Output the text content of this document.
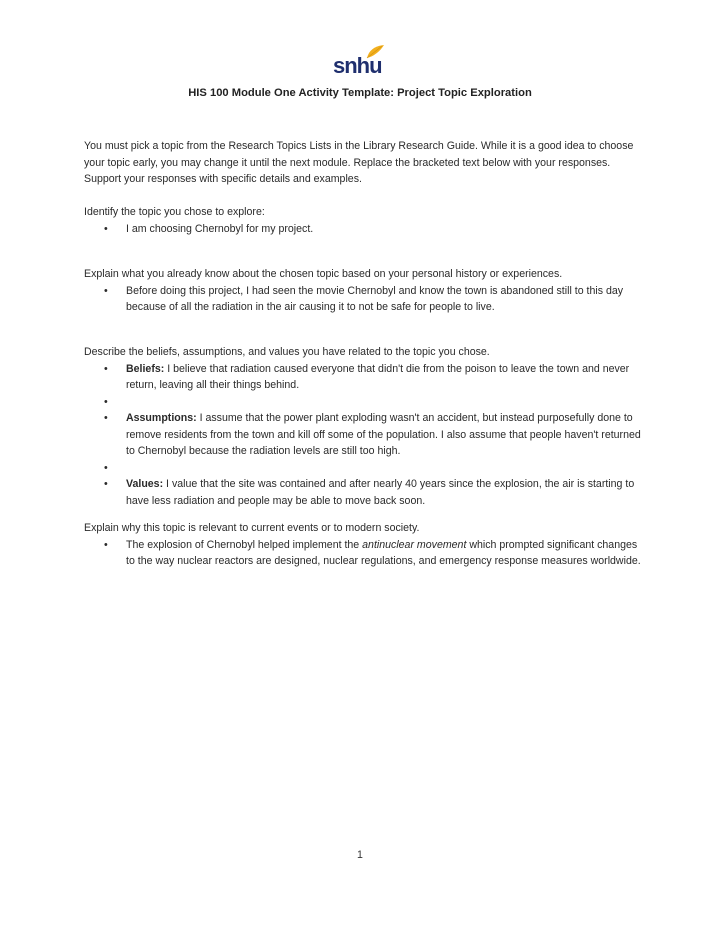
snhu
HIS 100 Module One Activity Template: Project Topic Exploration

You must pick a topic from the Research Topics Lists in the Library Research Guide. While it is a good idea to choose your topic early, you may change it until the next module. Replace the bracketed text below with your responses. Support your responses with specific details and examples.

Identify the topic you chose to explore:

• I am choosing Chernobyl for my project.

Explain what you already know about the chosen topic based on your personal history or experiences.

• Before doing this project, I had seen the movie Chernobyl and know the town is abandoned still to this day because of all the radiation in the air causing it to not be safe for people to live.

Describe the beliefs, assumptions, and values you have related to the topic you chose.

• Beliefs: I believe that radiation caused everyone that didn't die from the poison to leave the town and never return, leaving all their things behind.
•
• Assumptions: I assume that the power plant exploding wasn't an accident, but instead purposefully done to remove residents from the town and kill off some of the population. I also assume that people haven't returned to Chernobyl because the radiation levels are still too high.
•
• Values: I value that the site was contained and after nearly 40 years since the explosion, the air is starting to have less radiation and people may be able to move back soon.

Explain why this topic is relevant to current events or to modern society.

• The explosion of Chernobyl helped implement the antinuclear movement which prompted significant changes to the way nuclear reactors are designed, nuclear regulations, and emergency response measures worldwide.
1
